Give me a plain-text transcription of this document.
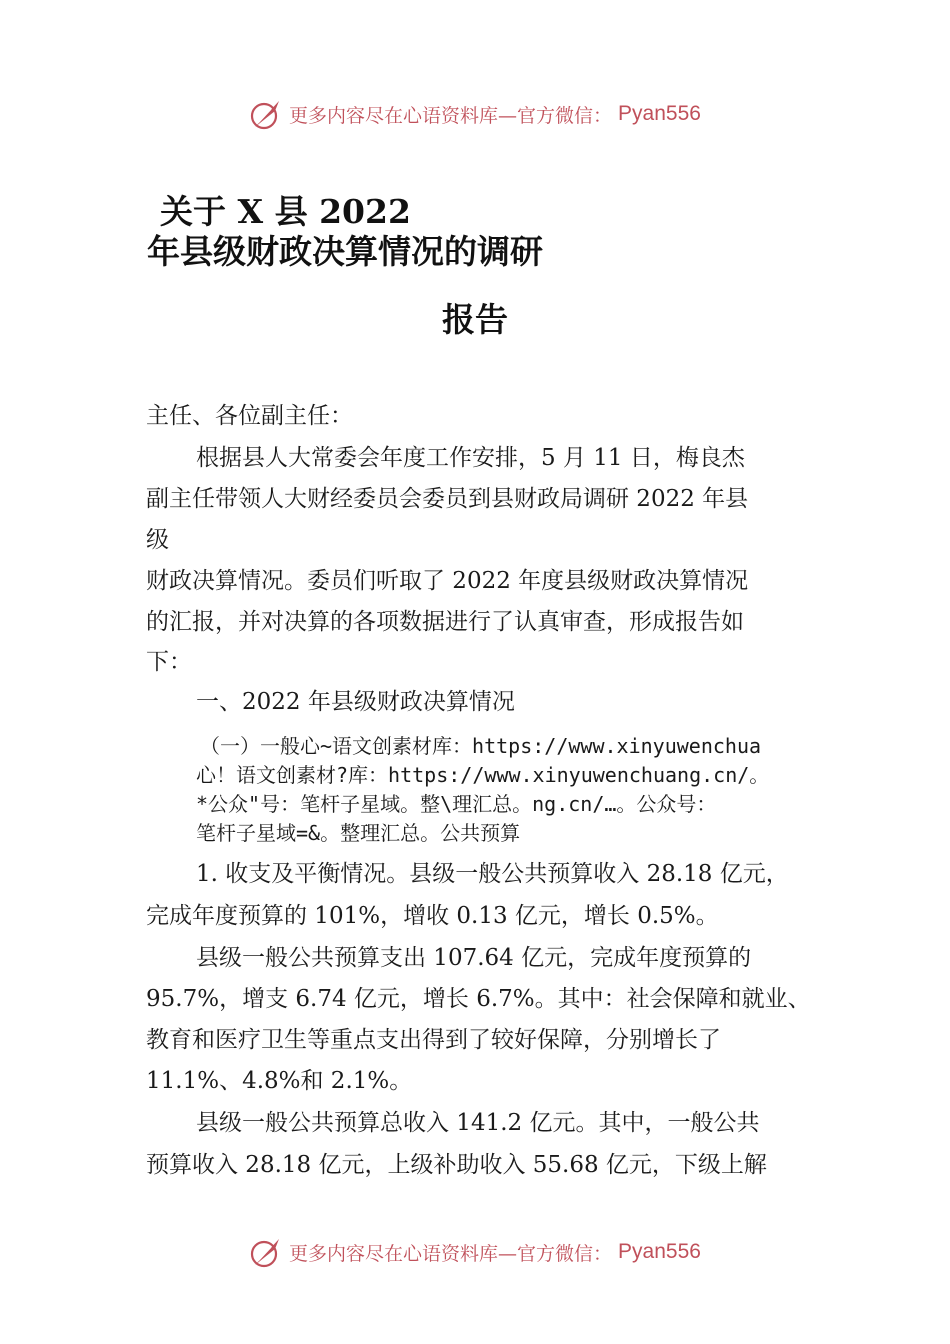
更多内容尽在心语资料库—官方微信： Pyan556
关于 X 县 2022
年县级财政决算情况的调研
报告
主任、各位副主任：
根据县人大常委会年度工作安排，5 月 11 日，梅良杰
副主任带领人大财经委员会委员到县财政局调研 2022 年县
级
财政决算情况。委员们听取了 2022 年度县级财政决算情况
的汇报，并对决算的各项数据进行了认真审查，形成报告如
下：
一、2022 年县级财政决算情况
（一）一般心~语文创素材库：https://www.xinyuwenchua
心！语文创素材?库：https://www.xinyuwenchuang.cn/。
*公众"号：笔杆子星域。整\理汇总。ng.cn/…。公众号：
笔杆子星域=&。整理汇总。公共预算
1. 收支及平衡情况。县级一般公共预算收入 28.18 亿元，
完成年度预算的 101%，增收 0.13 亿元，增长 0.5%。
县级一般公共预算支出 107.64 亿元，完成年度预算的
95.7%，增支 6.74 亿元，增长 6.7%。其中：社会保障和就业、
教育和医疗卫生等重点支出得到了较好保障，分别增长了
11.1%、4.8%和 2.1%。
县级一般公共预算总收入 141.2 亿元。其中，一般公共
预算收入 28.18 亿元，上级补助收入 55.68 亿元，下级上解
更多内容尽在心语资料库—官方微信： Pyan556
